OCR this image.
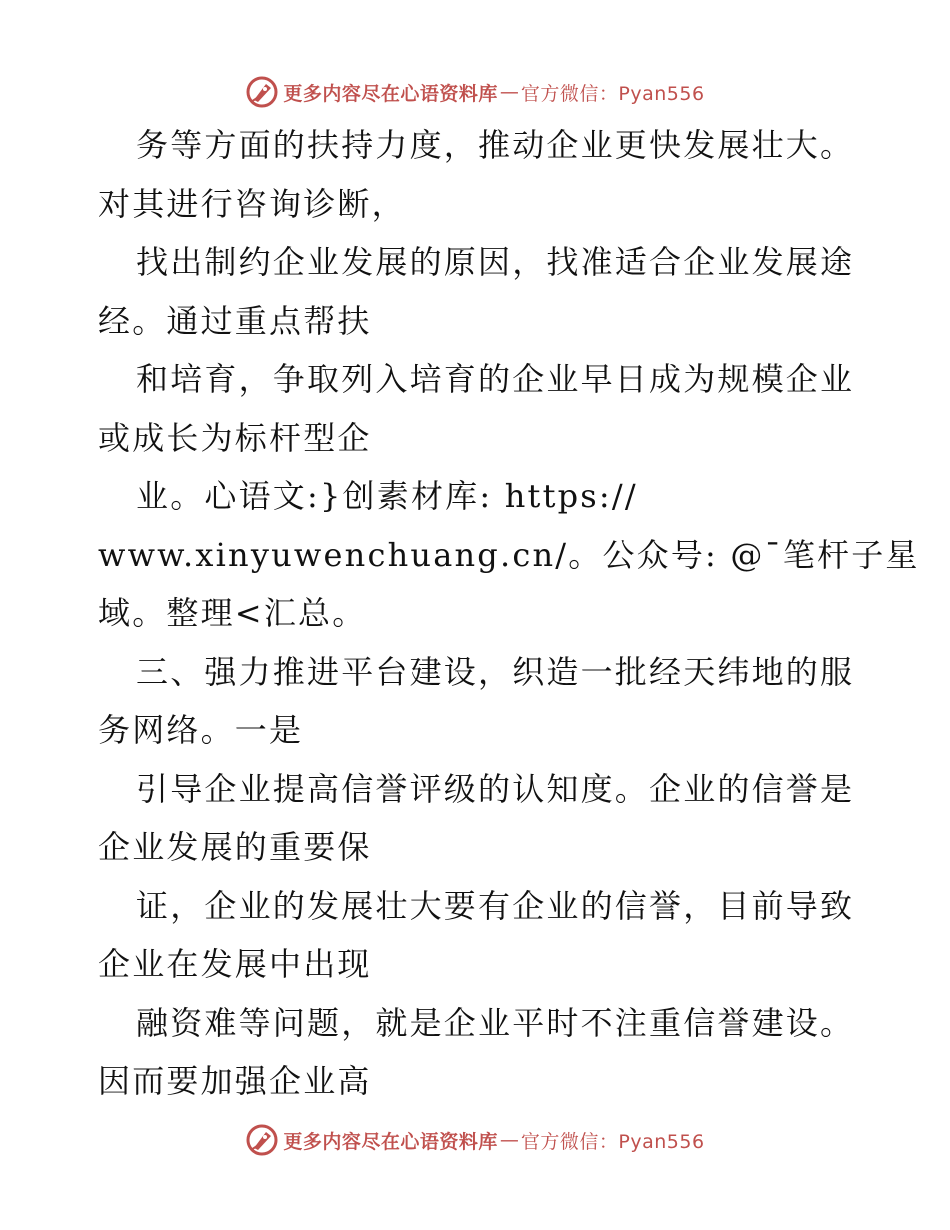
更多内容尽在心语资料库 — 官方微信：Pyan556
务等方面的扶持力度，推动企业更快发展壮大。
对其进行咨询诊断，
找出制约企业发展的原因，找准适合企业发展途
经。通过重点帮扶
和培育，争取列入培育的企业早日成为规模企业
或成长为标杆型企
业。心语文:}创素材库: https://
www.xinyuwenchuang.cn/。公众号: @¯笔杆子星
域。整理<汇总。
三、强力推进平台建设，织造一批经天纬地的服
务网络。一是
引导企业提高信誉评级的认知度。企业的信誉是
企业发展的重要保
证，企业的发展壮大要有企业的信誉，目前导致
企业在发展中出现
融资难等问题，就是企业平时不注重信誉建设。
因而要加强企业高
更多内容尽在心语资料库 — 官方微信：Pyan556
